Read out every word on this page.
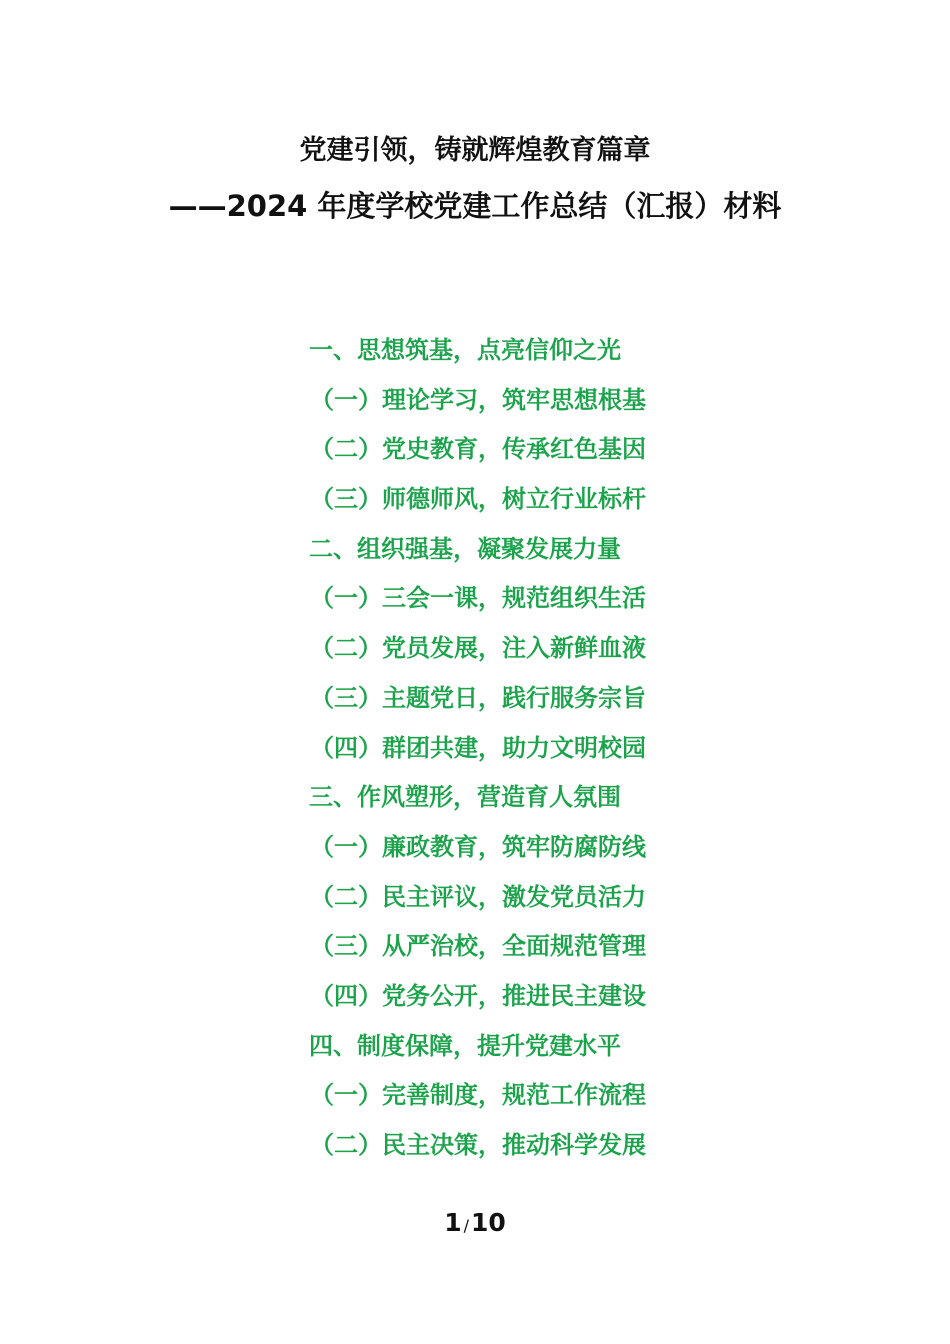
党建引领，铸就辉煌教育篇章
——2024 年度学校党建工作总结（汇报）材料
一、思想筑基，点亮信仰之光
（一）理论学习，筑牢思想根基
（二）党史教育，传承红色基因
（三）师德师风，树立行业标杆
二、组织强基，凝聚发展力量
（一）三会一课，规范组织生活
（二）党员发展，注入新鲜血液
（三）主题党日，践行服务宗旨
（四）群团共建，助力文明校园
三、作风塑形，营造育人氛围
（一）廉政教育，筑牢防腐防线
（二）民主评议，激发党员活力
（三）从严治校，全面规范管理
（四）党务公开，推进民主建设
四、制度保障，提升党建水平
（一）完善制度，规范工作流程
（二）民主决策，推动科学发展
1 /10
